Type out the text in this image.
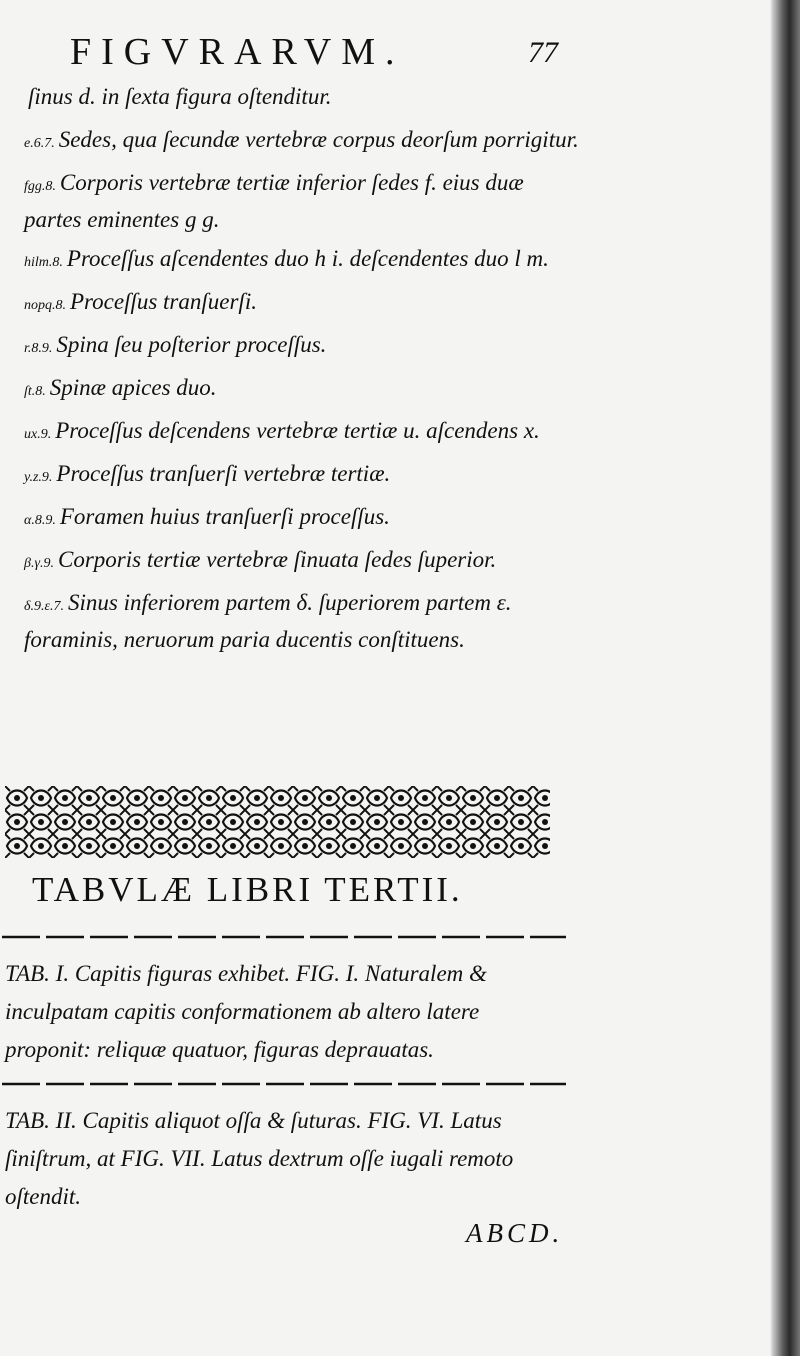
FIGVRARVM.	77
ſinus d. in ſexta figura oſtenditur.
e.6.7. Sedes, qua ſecundæ vertebræ corpus deorſum porrigitur.
fgg.8. Corporis vertebræ tertiæ inferior ſedes f. eius duæ partes eminentes g g.
hilm.8. Proceſſus aſcendentes duo h i. deſcendentes duo l m.
nopq.8. Proceſſus tranſuerſi.
r.8.9. Spina ſeu poſterior proceſſus.
ſt.8. Spinæ apices duo.
ux.9. Proceſſus deſcendens vertebræ tertiæ u. aſcendens x.
y.z.9. Proceſſus tranſuerſi vertebræ tertiæ.
α.8.9. Foramen huius tranſuerſi proceſſus.
β.γ.9. Corporis tertiæ vertebræ ſinuata ſedes ſuperior.
δ.9.ε.7. Sinus inferiorem partem δ. ſuperiorem partem ε. foraminis, neruorum paria ducentis conſtituens.
TABVLÆ LIBRI TERTII.
TAB. I. Capitis figuras exhibet. FIG. I. Naturalem & inculpatam capitis conformationem ab altero latere proponit: reliquæ quatuor, figuras deprauatas.
TAB. II. Capitis aliquot oſſa & ſuturas. FIG. VI. Latus ſiniſtrum, at FIG. VII. Latus dextrum oſſe iugali remoto oſtendit.
ABCD.
